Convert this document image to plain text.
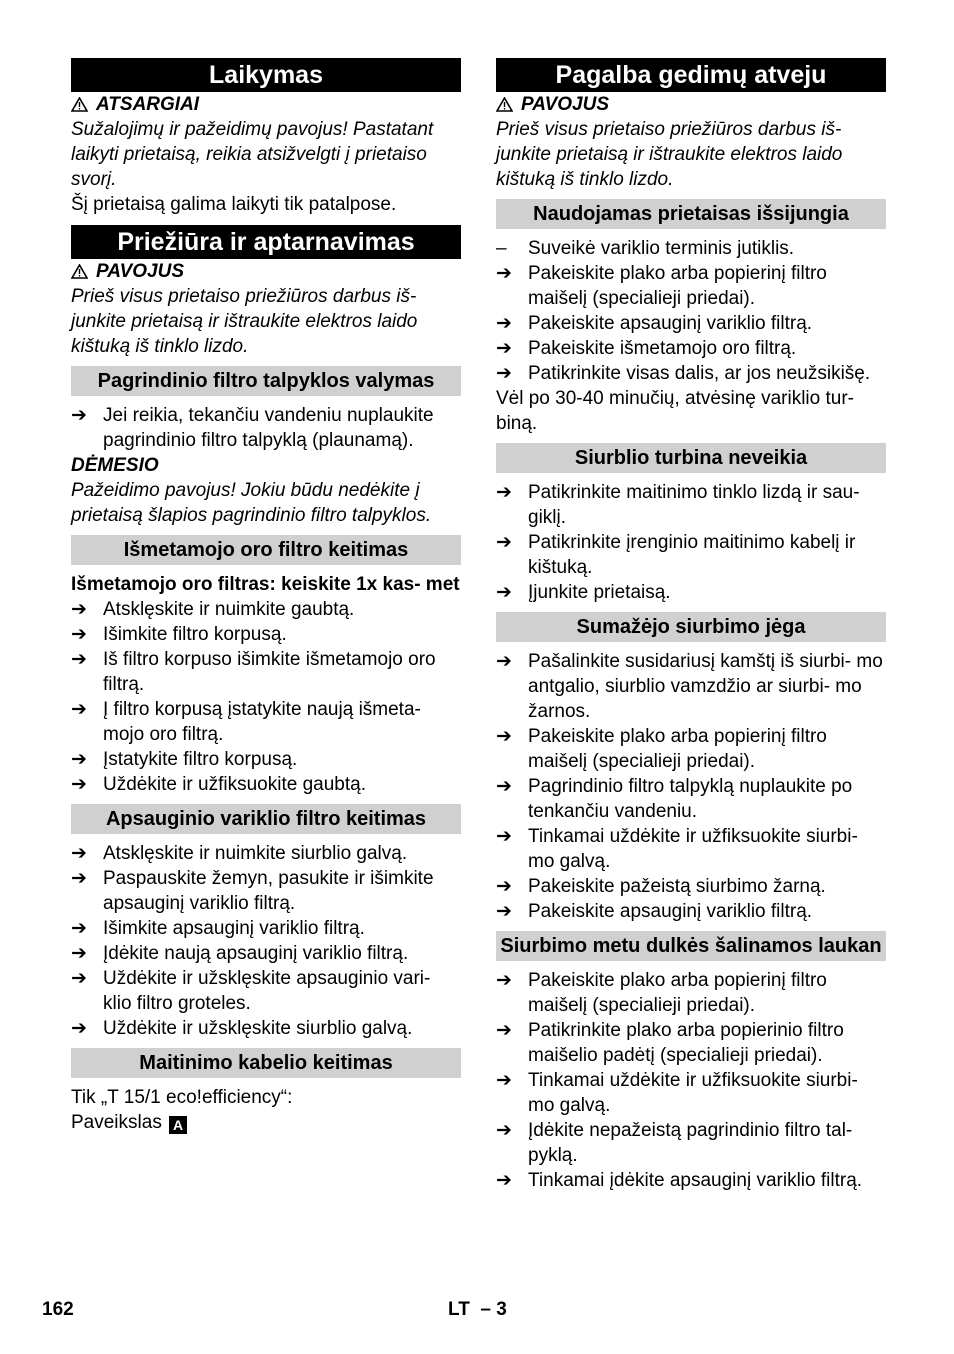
Laikymas
ATSARGIAI
Sužalojimų ir pažeidimų pavojus! Pastatant laikyti prietaisą, reikia atsižvelgti į prietaiso svorį.
Šį prietaisą galima laikyti tik patalpose.
Priežiūra ir aptarnavimas
PAVOJUS
Prieš visus prietaiso priežiūros darbus iš- junkite prietaisą ir ištraukite elektros laido kištuką iš tinklo lizdo.
Pagrindinio filtro talpyklos valymas
➔ Jei reikia, tekančiu vandeniu nuplaukite pagrindinio filtro talpyklą (plaunamą).
DĖMESIO
Pažeidimo pavojus! Jokiu būdu nedėkite į prietaisą šlapios pagrindinio filtro talpyklos.
Išmetamojo oro filtro keitimas
Išmetamojo oro filtras: keiskite 1x kas- met
➔ Atsklęskite ir nuimkite gaubtą.
➔ Išimkite filtro korpusą.
➔ Iš filtro korpuso išimkite išmetamojo oro filtrą.
➔ Į filtro korpusą įstatykite naują išmeta- mojo oro filtrą.
➔ Įstatykite filtro korpusą.
➔ Uždėkite ir užfiksuokite gaubtą.
Apsauginio variklio filtro keitimas
➔ Atsklęskite ir nuimkite siurblio galvą.
➔ Paspauskite žemyn, pasukite ir išimkite apsauginį variklio filtrą.
➔ Išimkite apsauginį variklio filtrą.
➔ Įdėkite naują apsauginį variklio filtrą.
➔ Uždėkite ir užsklęskite apsauginio vari- klio filtro groteles.
➔ Uždėkite ir užsklęskite siurblio galvą.
Maitinimo kabelio keitimas
Tik „T 15/1 eco!efficiency“:
Paveikslas A
Pagalba gedimų atveju
PAVOJUS
Prieš visus prietaiso priežiūros darbus iš- junkite prietaisą ir ištraukite elektros laido kištuką iš tinklo lizdo.
Naudojamas prietaisas išsijungia
–	Suveikė variklio terminis jutiklis.
➔ Pakeiskite plako arba popierinį filtro maišelį (specialieji priedai).
➔ Pakeiskite apsauginį variklio filtrą.
➔ Pakeiskite išmetamojo oro filtrą.
➔ Patikrinkite visas dalis, ar jos neužsikišę.
Vėl po 30-40 minučių, atvėsinę variklio tur- biną.
Siurblio turbina neveikia
➔ Patikrinkite maitinimo tinklo lizdą ir sau- giklį.
➔ Patikrinkite įrenginio maitinimo kabelį ir kištuką.
➔ Įjunkite prietaisą.
Sumažėjo siurbimo jėga
➔ Pašalinkite susidariusį kamštį iš siurbi- mo antgalio, siurblio vamzdžio ar siurbi- mo žarnos.
➔ Pakeiskite plako arba popierinį filtro maišelį (specialieji priedai).
➔ Pagrindinio filtro talpyklą nuplaukite po tenkančiu vandeniu.
➔ Tinkamai uždėkite ir užfiksuokite siurbi- mo galvą.
➔ Pakeiskite pažeistą siurbimo žarną.
➔ Pakeiskite apsauginį variklio filtrą.
Siurbimo metu dulkės šalinamos laukan
➔ Pakeiskite plako arba popierinį filtro maišelį (specialieji priedai).
➔ Patikrinkite plako arba popierinio filtro maišelio padėtį (specialieji priedai).
➔ Tinkamai uždėkite ir užfiksuokite siurbi- mo galvą.
➔ Įdėkite nepažeistą pagrindinio filtro tal- pyklą.
➔ Tinkamai įdėkite apsauginį variklio filtrą.
162	LT – 3
